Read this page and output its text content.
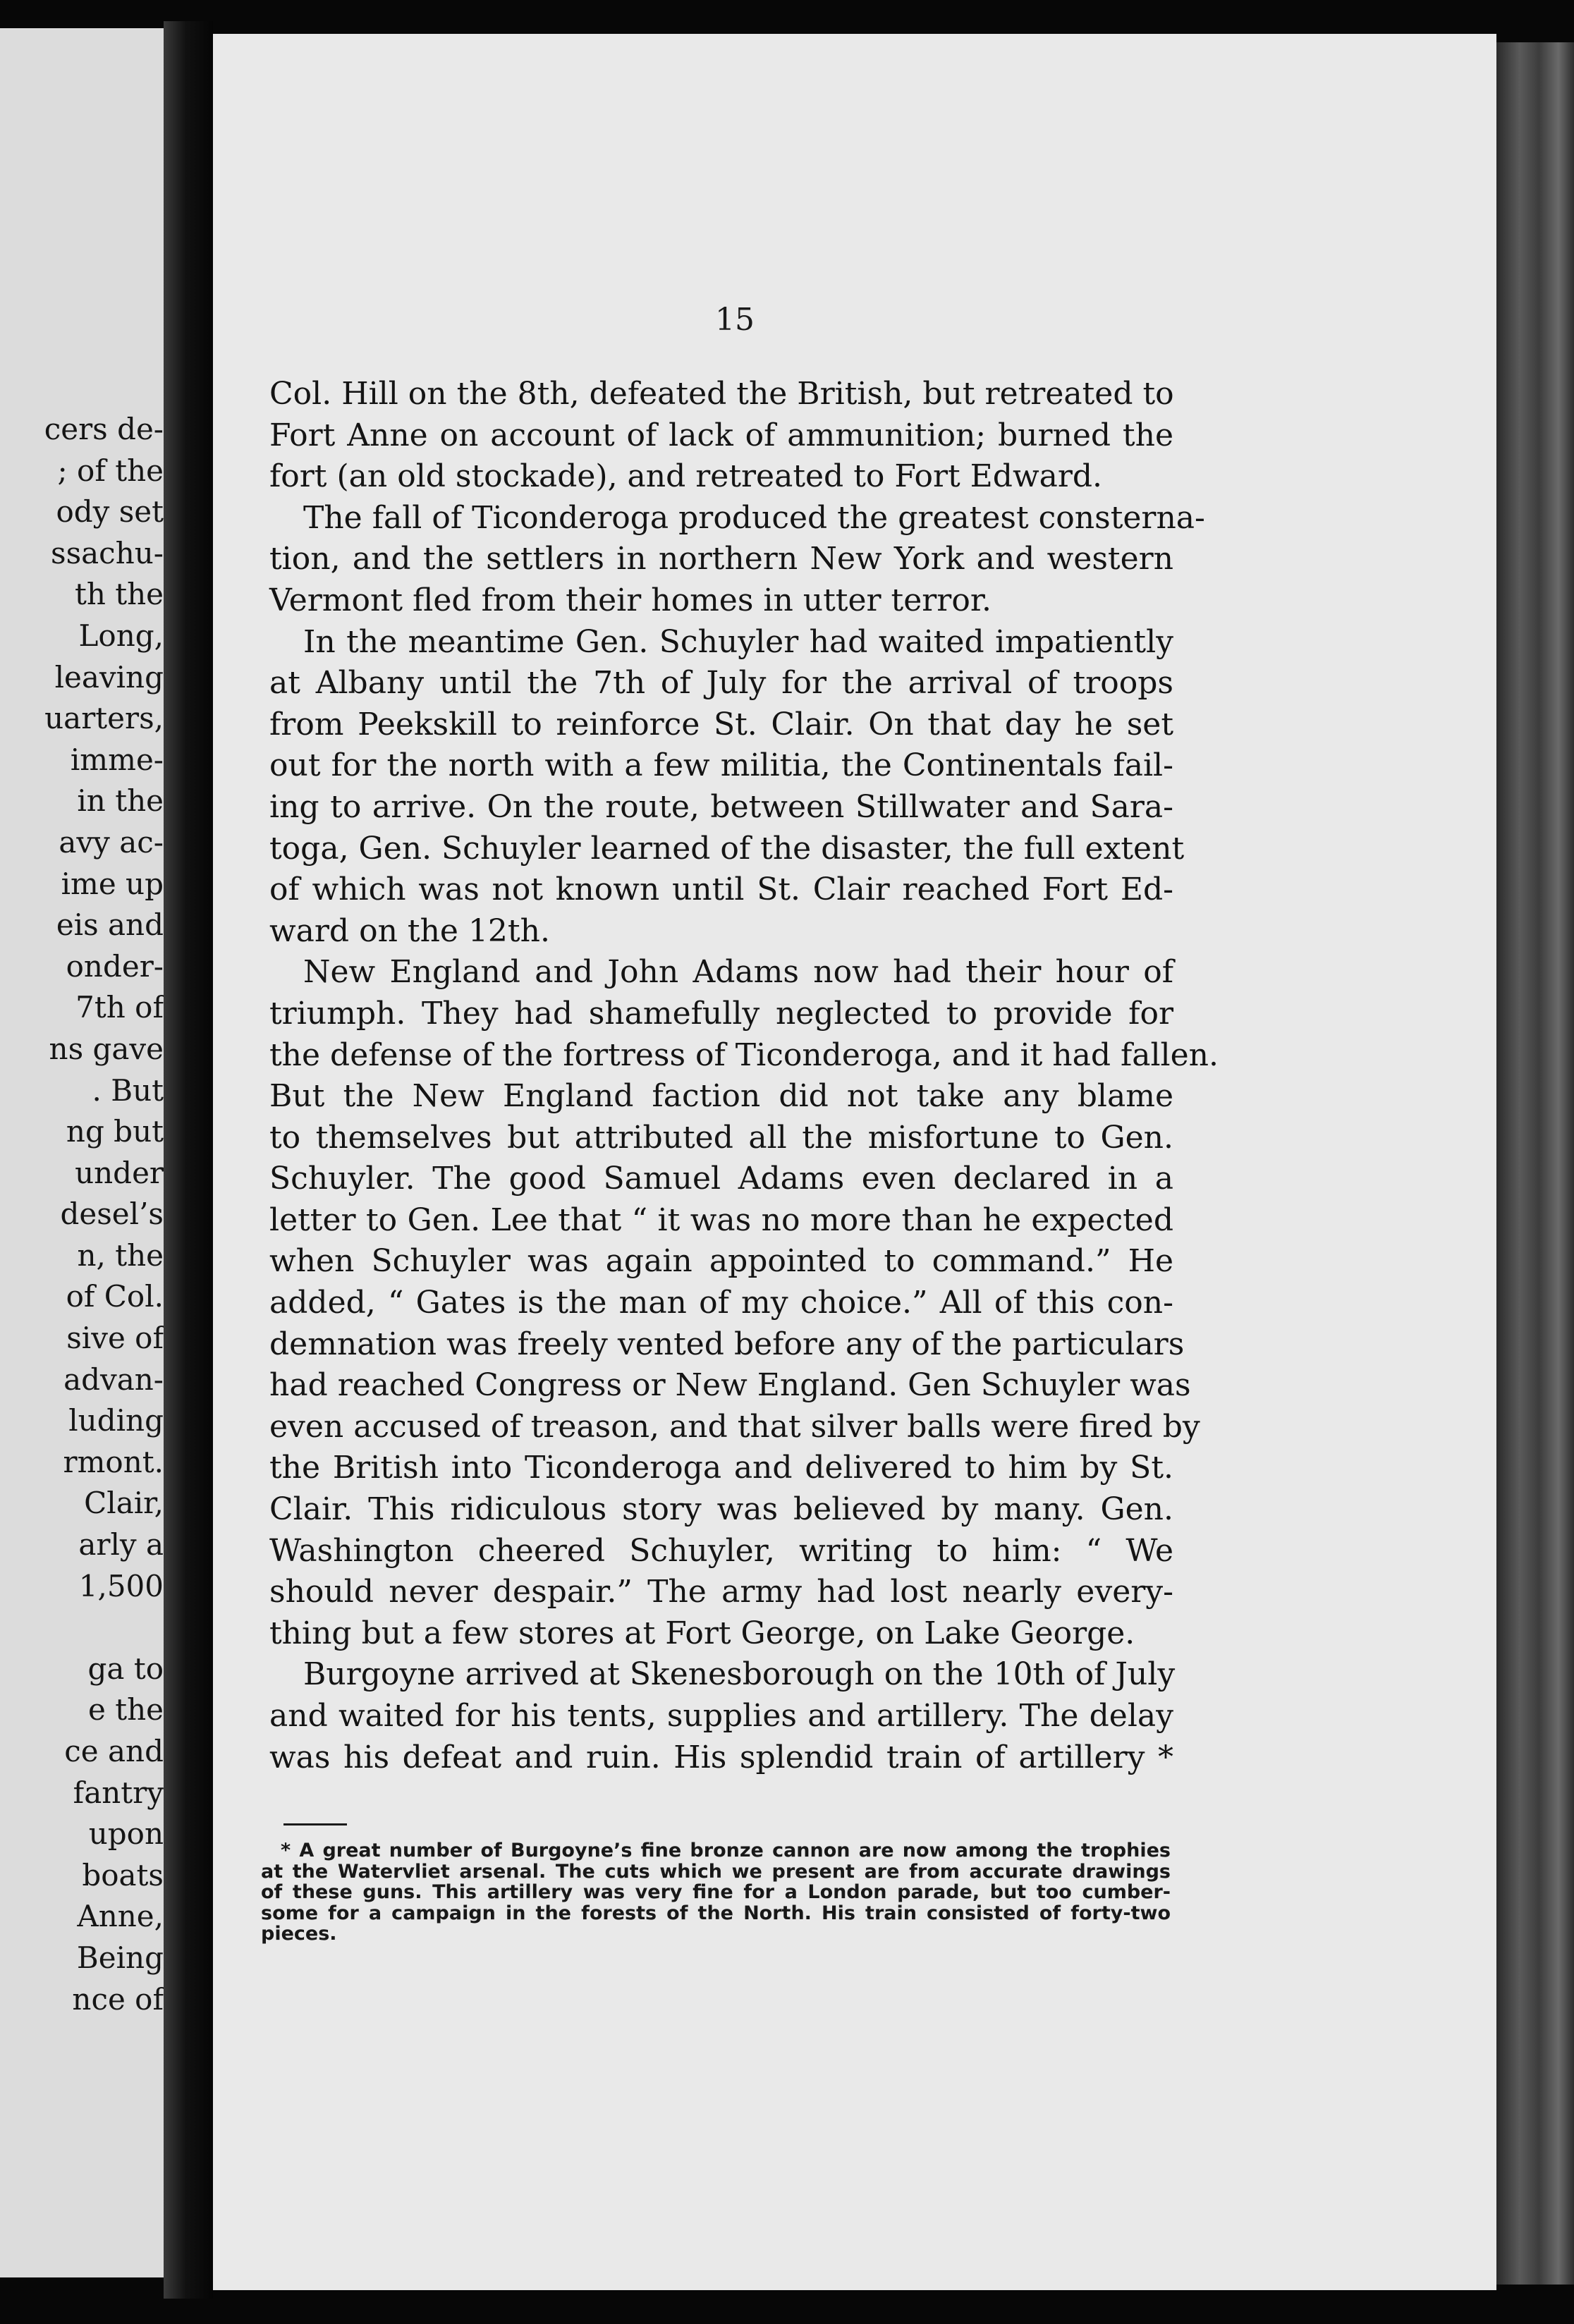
cers de-
; of the
ody set
ssachu-
th the
Long,
leaving
uarters,
imme-
in the
avy ac-
ime up
eis and
onder-
7th of
ns gave
. But
ng but
under
desel’s
n, the
of Col.
sive of
advan-
luding
rmont.
Clair,
arly a
1,500
ga to
e the
ce and
fantry
upon
boats
Anne,
Being
nce of
15
Col. Hill on the 8th, defeated the British, but retreated to
Fort Anne on account of lack of ammunition; burned the
fort (an old stockade), and retreated to Fort Edward.
The fall of Ticonderoga produced the greatest consterna-
tion, and the settlers in northern New York and western
Vermont fled from their homes in utter terror.
In the meantime Gen. Schuyler had waited impatiently
at Albany until the 7th of July for the arrival of troops
from Peekskill to reinforce St. Clair. On that day he set
out for the north with a few militia, the Continentals fail-
ing to arrive. On the route, between Stillwater and Sara-
toga, Gen. Schuyler learned of the disaster, the full extent
of which was not known until St. Clair reached Fort Ed-
ward on the 12th.
New England and John Adams now had their hour of
triumph. They had shamefully neglected to provide for
the defense of the fortress of Ticonderoga, and it had fallen.
But the New England faction did not take any blame
to themselves but attributed all the misfortune to Gen.
Schuyler. The good Samuel Adams even declared in a
letter to Gen. Lee that “ it was no more than he expected
when Schuyler was again appointed to command.” He
added, “ Gates is the man of my choice.” All of this con-
demnation was freely vented before any of the particulars
had reached Congress or New England. Gen Schuyler was
even accused of treason, and that silver balls were fired by
the British into Ticonderoga and delivered to him by St.
Clair. This ridiculous story was believed by many. Gen.
Washington cheered Schuyler, writing to him: “ We
should never despair.” The army had lost nearly every-
thing but a few stores at Fort George, on Lake George.
Burgoyne arrived at Skenesborough on the 10th of July
and waited for his tents, supplies and artillery. The delay
was his defeat and ruin. His splendid train of artillery *
* A great number of Burgoyne’s fine bronze cannon are now among the trophies
at the Watervliet arsenal. The cuts which we present are from accurate drawings
of these guns. This artillery was very fine for a London parade, but too cumber-
some for a campaign in the forests of the North. His train consisted of forty-two
pieces.
